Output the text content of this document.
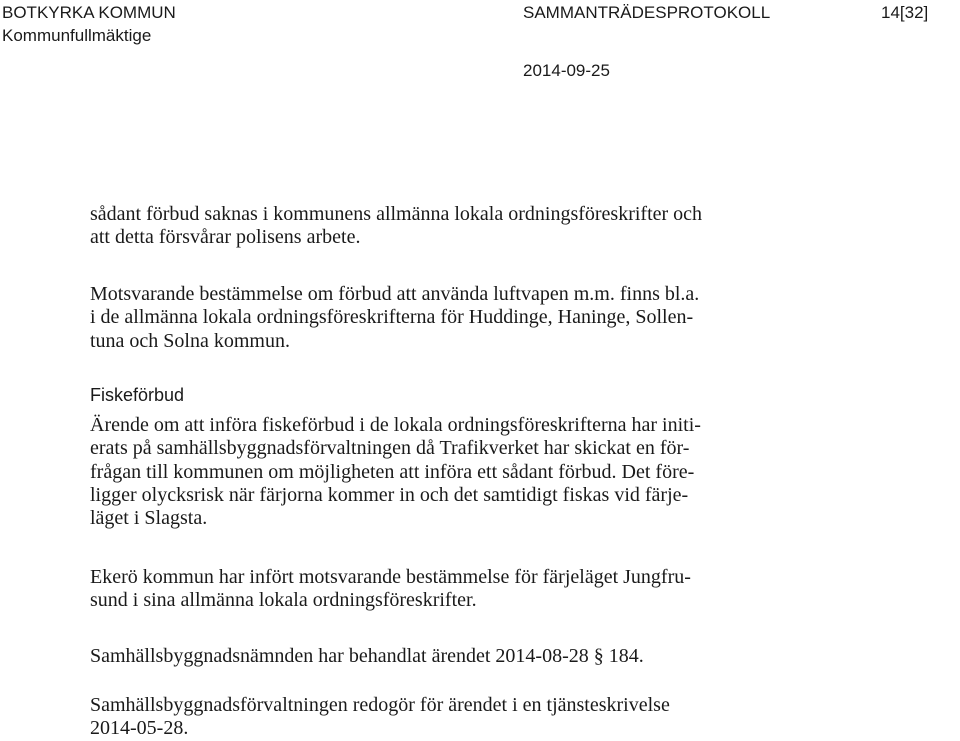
BOTKYRKA KOMMUN
Kommunfullmäktige
SAMMANTRÄDESPROTOKOLL	14[32]
2014-09-25

sådant förbud saknas i kommunens allmänna lokala ordningsföreskrifter och
att detta försvårar polisens arbete.

Motsvarande bestämmelse om förbud att använda luftvapen m.m. finns bl.a.
i de allmänna lokala ordningsföreskrifterna för Huddinge, Haninge, Sollen-
tuna och Solna kommun.

Fiskeförbud

Ärende om att införa fiskeförbud i de lokala ordningsföreskrifterna har initi-
erats på samhällsbyggnadsförvaltningen då Trafikverket har skickat en för-
frågan till kommunen om möjligheten att införa ett sådant förbud. Det före-
ligger olycksrisk när färjorna kommer in och det samtidigt fiskas vid färje-
läget i Slagsta.

Ekerö kommun har infört motsvarande bestämmelse för färjeläget Jungfru-
sund i sina allmänna lokala ordningsföreskrifter.

Samhällsbyggnadsnämnden har behandlat ärendet 2014-08-28 § 184.

Samhällsbyggnadsförvaltningen redogör för ärendet i en tjänsteskrivelse
2014-05-28.
